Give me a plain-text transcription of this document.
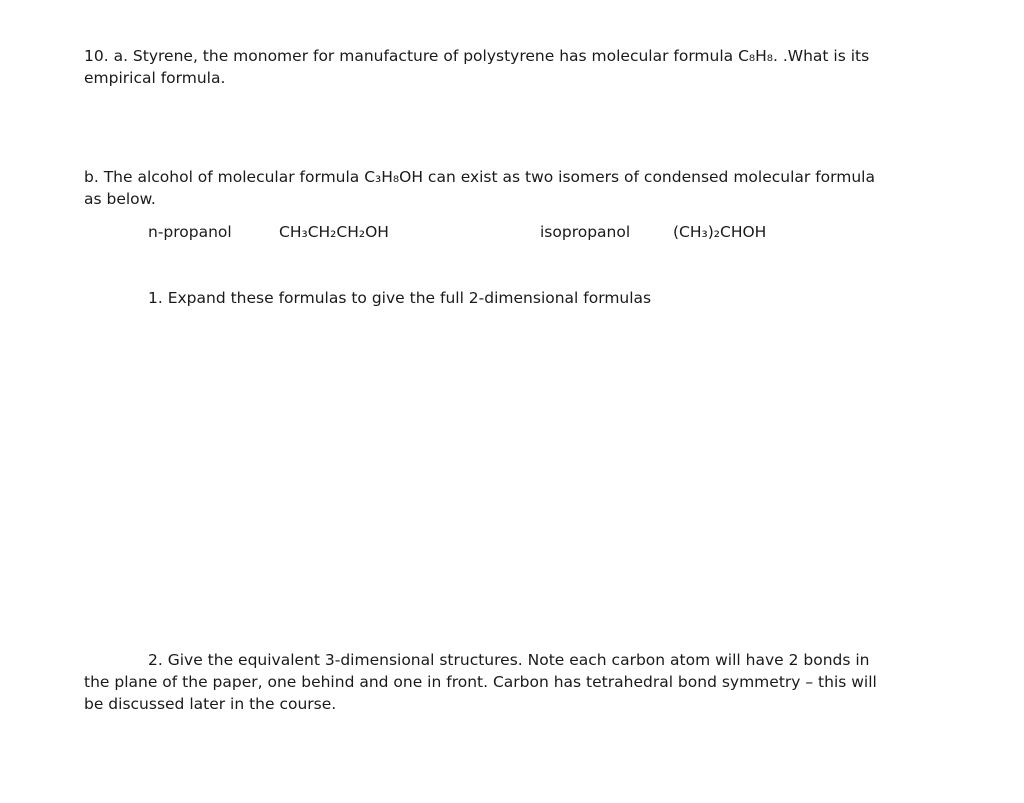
10. a. Styrene, the monomer for manufacture of polystyrene has molecular formula C₈H₈. .What is its
empirical formula.
b. The alcohol of molecular formula C₃H₈OH can exist as two isomers of condensed molecular formula
as below.
n-propanol	CH₃CH₂CH₂OH	isopropanol	(CH₃)₂CHOH
1. Expand these formulas to give the full 2-dimensional formulas
2. Give the equivalent 3-dimensional structures. Note each carbon atom will have 2 bonds in
the plane of the paper, one behind and one in front. Carbon has tetrahedral bond symmetry – this will
be discussed later in the course.
